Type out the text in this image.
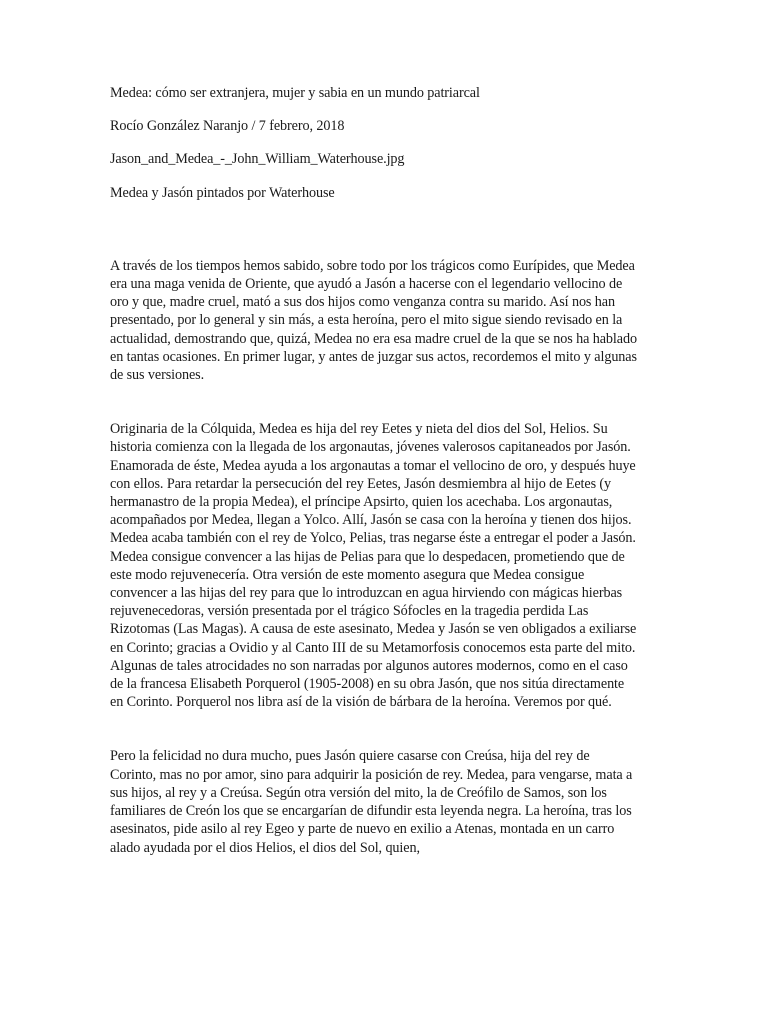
Medea: cómo ser extranjera, mujer y sabia en un mundo patriarcal

Rocío González Naranjo / 7 febrero, 2018

Jason_and_Medea_-_John_William_Waterhouse.jpg

Medea y Jasón pintados por Waterhouse

A través de los tiempos hemos sabido, sobre todo por los trágicos como Eurípides, que Medea era una maga venida de Oriente, que ayudó a Jasón a hacerse con el legendario vellocino de oro y que, madre cruel, mató a sus dos hijos como venganza contra su marido. Así nos han presentado, por lo general y sin más, a esta heroína, pero el mito sigue siendo revisado en la actualidad, demostrando que, quizá, Medea no era esa madre cruel de la que se nos ha hablado en tantas ocasiones. En primer lugar, y antes de juzgar sus actos, recordemos el mito y algunas de sus versiones.

Originaria de la Cólquida, Medea es hija del rey Eetes y nieta del dios del Sol, Helios. Su historia comienza con la llegada de los argonautas, jóvenes valerosos capitaneados por Jasón. Enamorada de éste, Medea ayuda a los argonautas a tomar el vellocino de oro, y después huye con ellos. Para retardar la persecución del rey Eetes, Jasón desmiembra al hijo de Eetes (y hermanastro de la propia Medea), el príncipe Apsirto, quien los acechaba. Los argonautas, acompañados por Medea, llegan a Yolco. Allí, Jasón se casa con la heroína y tienen dos hijos. Medea acaba también con el rey de Yolco, Pelias, tras negarse éste a entregar el poder a Jasón. Medea consigue convencer a las hijas de Pelias para que lo despedacen, prometiendo que de este modo rejuvenecería. Otra versión de este momento asegura que Medea consigue convencer a las hijas del rey para que lo introduzcan en agua hirviendo con mágicas hierbas rejuvenecedoras, versión presentada por el trágico Sófocles en la tragedia perdida Las Rizotomas (Las Magas). A causa de este asesinato, Medea y Jasón se ven obligados a exiliarse en Corinto; gracias a Ovidio y al Canto III de su Metamorfosis conocemos esta parte del mito. Algunas de tales atrocidades no son narradas por algunos autores modernos, como en el caso de la francesa Elisabeth Porquerol (1905-2008) en su obra Jasón, que nos sitúa directamente en Corinto. Porquerol nos libra así de la visión de bárbara de la heroína. Veremos por qué.

Pero la felicidad no dura mucho, pues Jasón quiere casarse con Creúsa, hija del rey de Corinto, mas no por amor, sino para adquirir la posición de rey. Medea, para vengarse, mata a sus hijos, al rey y a Creúsa. Según otra versión del mito, la de Creófilo de Samos, son los familiares de Creón los que se encargarían de difundir esta leyenda negra. La heroína, tras los asesinatos, pide asilo al rey Egeo y parte de nuevo en exilio a Atenas, montada en un carro alado ayudada por el dios Helios, el dios del Sol, quien,
